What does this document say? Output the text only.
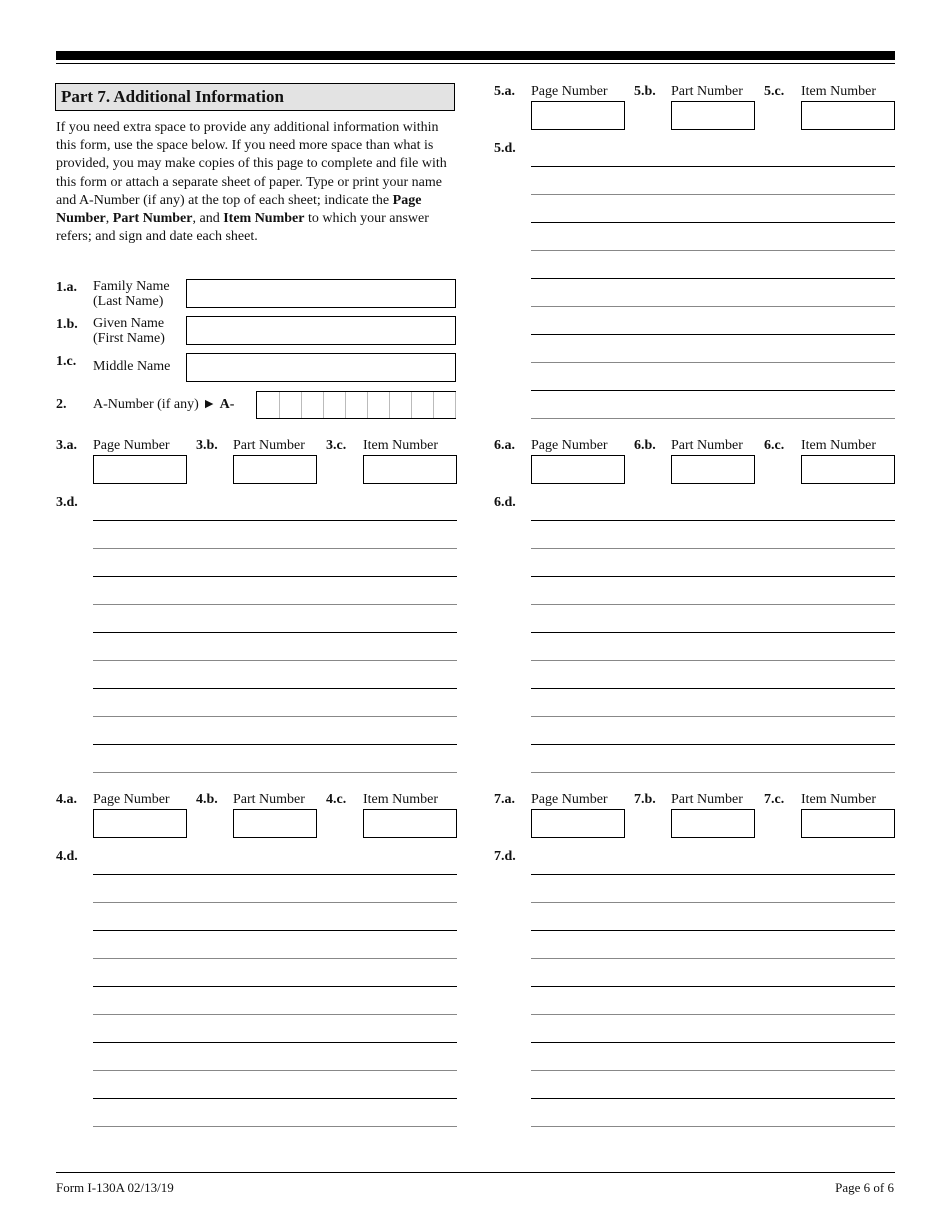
Part 7. Additional Information
If you need extra space to provide any additional information within this form, use the space below. If you need more space than what is provided, you may make copies of this page to complete and file with this form or attach a separate sheet of paper. Type or print your name and A-Number (if any) at the top of each sheet; indicate the Page Number, Part Number, and Item Number to which your answer refers; and sign and date each sheet.
1.a. Family Name
(Last Name)
1.b. Given Name
(First Name)
1.c. Middle Name
2. A-Number (if any) ► A-
3.a. Page Number 3.b. Part Number 3.c. Item Number
3.d.
4.a. Page Number 4.b. Part Number 4.c. Item Number
4.d.
5.a. Page Number 5.b. Part Number 5.c. Item Number
5.d.
6.a. Page Number 6.b. Part Number 6.c. Item Number
6.d.
7.a. Page Number 7.b. Part Number 7.c. Item Number
7.d.
Form I-130A 02/13/19	Page 6 of 6
